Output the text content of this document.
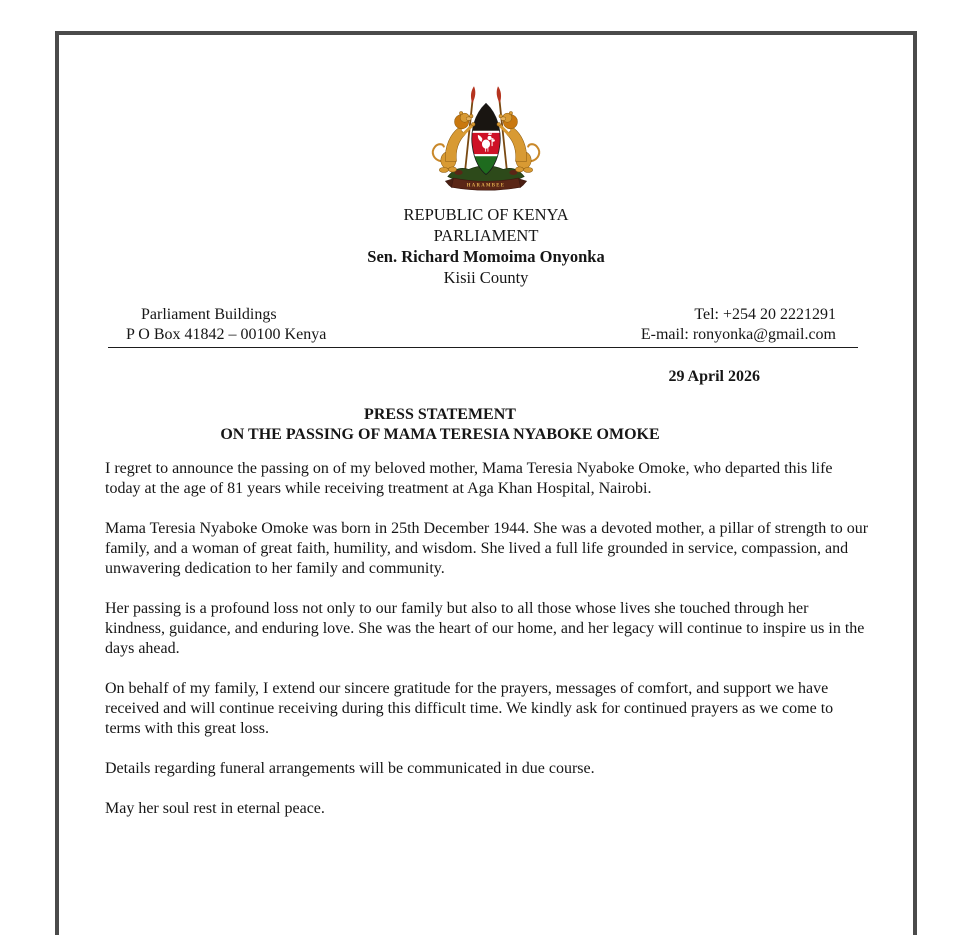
HARAMBEE
REPUBLIC OF KENYA
PARLIAMENT
Sen. Richard Momoima Onyonka
Kisii County
Parliament Buildings
P O Box 41842 – 00100 Kenya
Tel: +254 20 2221291
E-mail: ronyonka@gmail.com
29 April 2026
PRESS STATEMENT
ON THE PASSING OF MAMA TERESIA NYABOKE OMOKE

I regret to announce the passing on of my beloved mother, Mama Teresia Nyaboke Omoke, who departed this life today at the age of 81 years while receiving treatment at Aga Khan Hospital, Nairobi.

Mama Teresia Nyaboke Omoke was born in 25th December 1944. She was a devoted mother, a pillar of strength to our family, and a woman of great faith, humility, and wisdom. She lived a full life grounded in service, compassion, and unwavering dedication to her family and community.

Her passing is a profound loss not only to our family but also to all those whose lives she touched through her kindness, guidance, and enduring love. She was the heart of our home, and her legacy will continue to inspire us in the days ahead.

On behalf of my family, I extend our sincere gratitude for the prayers, messages of comfort, and support we have received and will continue receiving during this difficult time. We kindly ask for continued prayers as we come to terms with this great loss.

Details regarding funeral arrangements will be communicated in due course.

May her soul rest in eternal peace.
